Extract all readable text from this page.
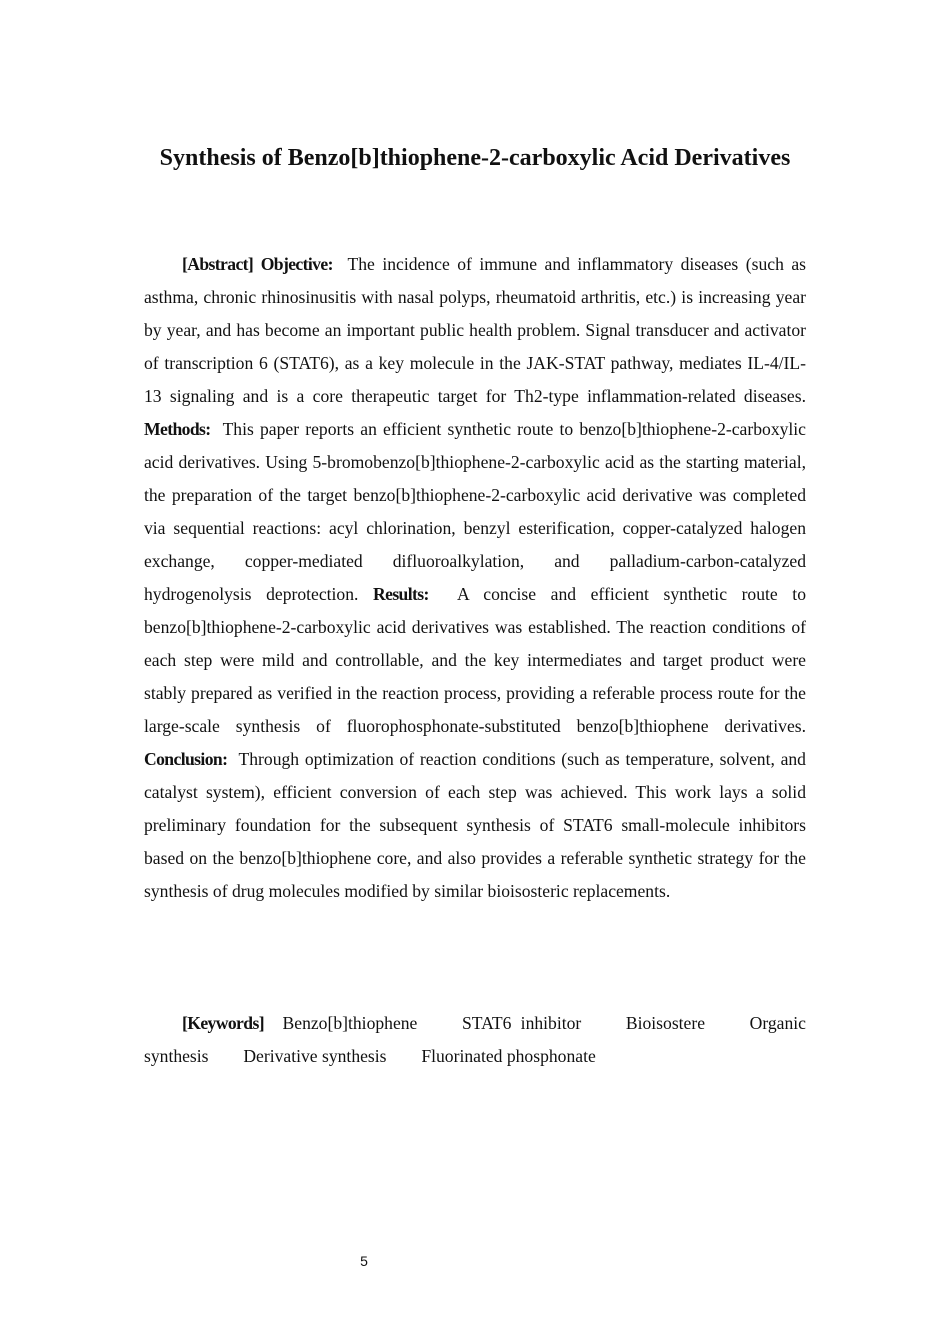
Synthesis of Benzo[b]thiophene-2-carboxylic Acid Derivatives

[Abstract] Objective: The incidence of immune and inflammatory diseases (such as asthma, chronic rhinosinusitis with nasal polyps, rheumatoid arthritis, etc.) is increasing year by year, and has become an important public health problem. Signal transducer and activator of transcription 6 (STAT6), as a key molecule in the JAK-STAT pathway, mediates IL-4/IL-13 signaling and is a core therapeutic target for Th2-type inflammation-related diseases. Methods: This paper reports an efficient synthetic route to benzo[b]thiophene-2-carboxylic acid derivatives. Using 5-bromobenzo[b]thiophene-2-carboxylic acid as the starting material, the preparation of the target benzo[b]thiophene-2-carboxylic acid derivative was completed via sequential reactions: acyl chlorination, benzyl esterification, copper-catalyzed halogen exchange, copper-mediated difluoroalkylation, and palladium-carbon-catalyzed hydrogenolysis deprotection. Results: A concise and efficient synthetic route to benzo[b]thiophene-2-carboxylic acid derivatives was established. The reaction conditions of each step were mild and controllable, and the key intermediates and target product were stably prepared as verified in the reaction process, providing a referable process route for the large-scale synthesis of fluorophosphonate-substituted benzo[b]thiophene derivatives. Conclusion: Through optimization of reaction conditions (such as temperature, solvent, and catalyst system), efficient conversion of each step was achieved. This work lays a solid preliminary foundation for the subsequent synthesis of STAT6 small-molecule inhibitors based on the benzo[b]thiophene core, and also provides a referable synthetic strategy for the synthesis of drug molecules modified by similar bioisosteric replacements.

[Keywords] Benzo[b]thiophene	STAT6 inhibitor	Bioisostere	Organic synthesis Derivative synthesis Fluorinated phosphonate

5
